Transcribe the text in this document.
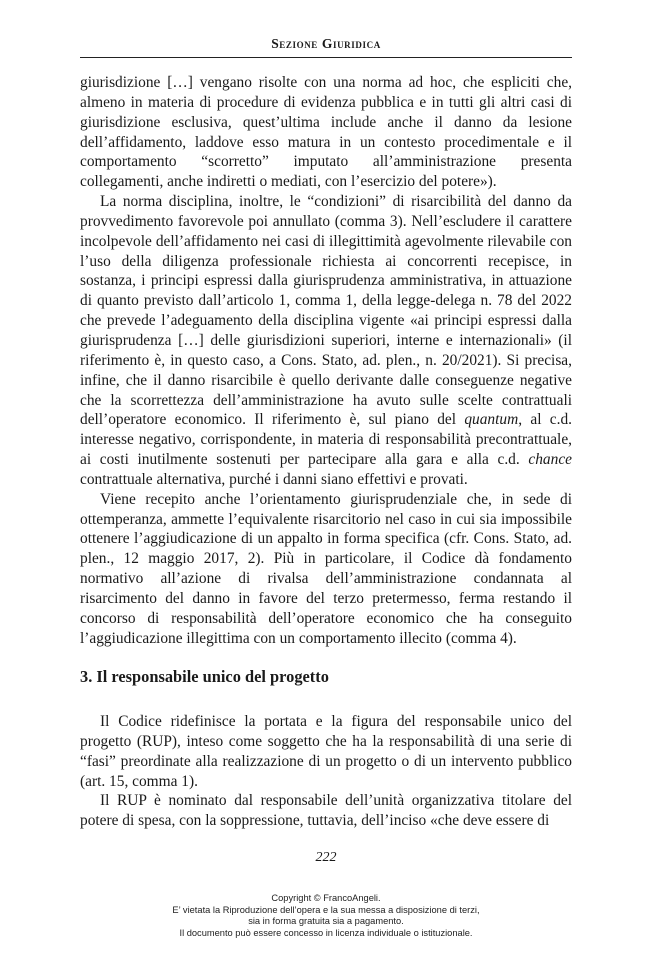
Sezione Giuridica

giurisdizione […] vengano risolte con una norma ad hoc, che espliciti che, almeno in materia di procedure di evidenza pubblica e in tutti gli altri casi di giurisdizione esclusiva, quest’ultima include anche il danno da lesione dell’affidamento, laddove esso matura in un contesto procedimentale e il comportamento “scorretto” imputato all’amministrazione presenta collegamenti, anche indiretti o mediati, con l’esercizio del potere»).

La norma disciplina, inoltre, le “condizioni” di risarcibilità del danno da provvedimento favorevole poi annullato (comma 3). Nell’escludere il carattere incolpevole dell’affidamento nei casi di illegittimità agevolmente rilevabile con l’uso della diligenza professionale richiesta ai concorrenti recepisce, in sostanza, i principi espressi dalla giurisprudenza amministrativa, in attuazione di quanto previsto dall’articolo 1, comma 1, della legge-delega n. 78 del 2022 che prevede l’adeguamento della disciplina vigente «ai principi espressi dalla giurisprudenza […] delle giurisdizioni superiori, interne e internazionali» (il riferimento è, in questo caso, a Cons. Stato, ad. plen., n. 20/2021). Si precisa, infine, che il danno risarcibile è quello derivante dalle conseguenze negative che la scorrettezza dell’amministrazione ha avuto sulle scelte contrattuali dell’operatore economico. Il riferimento è, sul piano del quantum, al c.d. interesse negativo, corrispondente, in materia di responsabilità precontrattuale, ai costi inutilmente sostenuti per partecipare alla gara e alla c.d. chance contrattuale alternativa, purché i danni siano effettivi e provati.

Viene recepito anche l’orientamento giurisprudenziale che, in sede di ottemperanza, ammette l’equivalente risarcitorio nel caso in cui sia impossibile ottenere l’aggiudicazione di un appalto in forma specifica (cfr. Cons. Stato, ad. plen., 12 maggio 2017, 2). Più in particolare, il Codice dà fondamento normativo all’azione di rivalsa dell’amministrazione condannata al risarcimento del danno in favore del terzo pretermesso, ferma restando il concorso di responsabilità dell’operatore economico che ha conseguito l’aggiudicazione illegittima con un comportamento illecito (comma 4).

3. Il responsabile unico del progetto

Il Codice ridefinisce la portata e la figura del responsabile unico del progetto (RUP), inteso come soggetto che ha la responsabilità di una serie di “fasi” preordinate alla realizzazione di un progetto o di un intervento pubblico (art. 15, comma 1).

Il RUP è nominato dal responsabile dell’unità organizzativa titolare del potere di spesa, con la soppressione, tuttavia, dell’inciso «che deve essere di

222
Copyright © FrancoAngeli.
E’ vietata la Riproduzione dell’opera e la sua messa a disposizione di terzi,
sia in forma gratuita sia a pagamento.
Il documento può essere concesso in licenza individuale o istituzionale.
